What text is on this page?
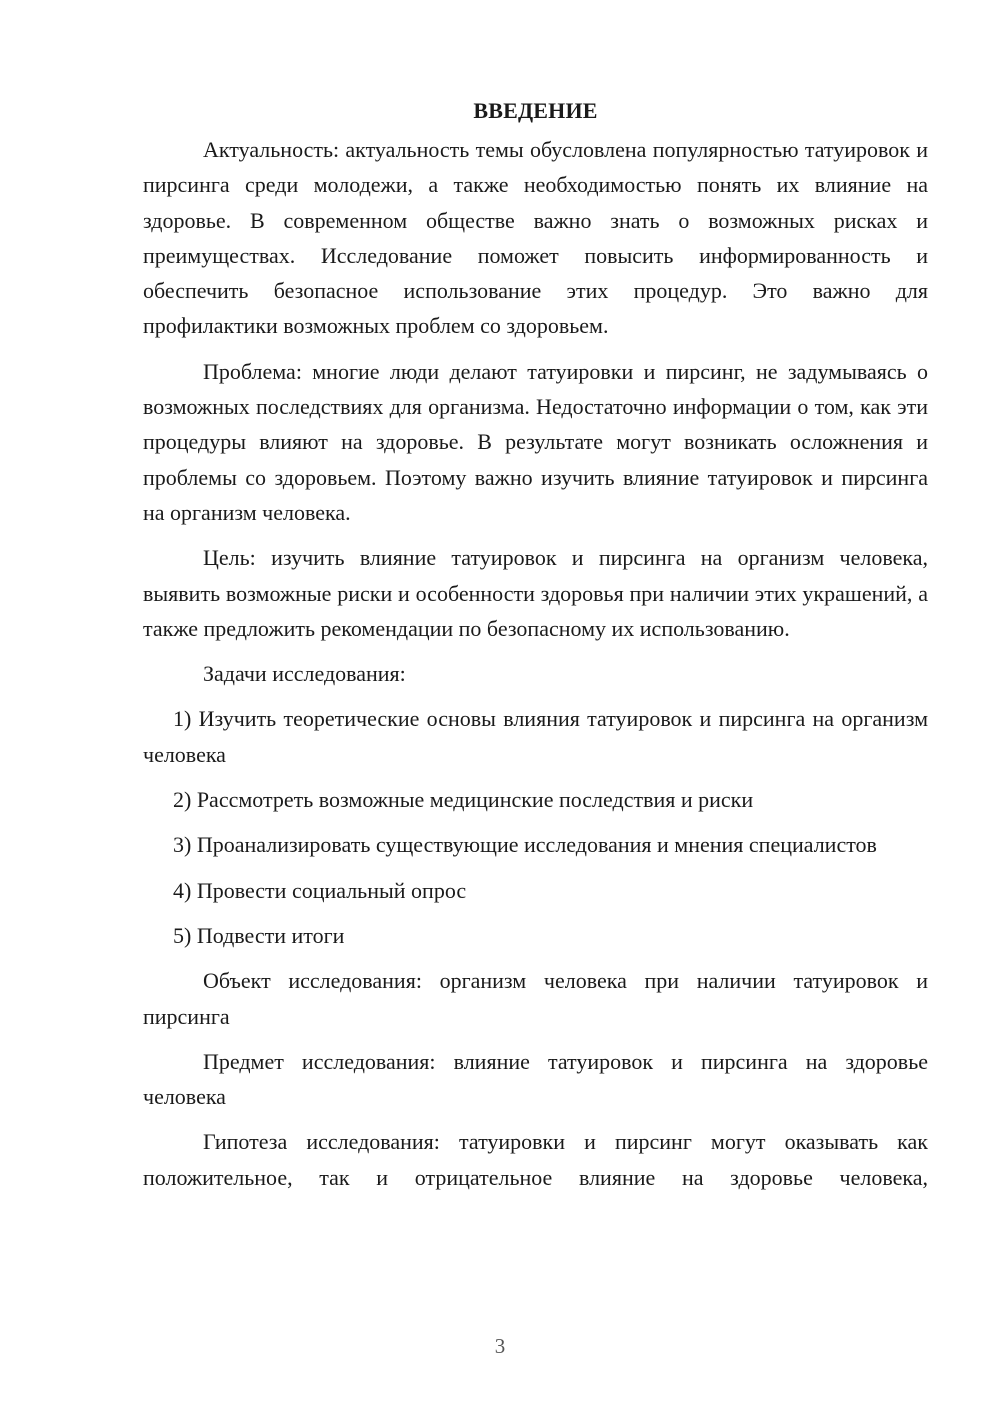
ВВЕДЕНИЕ

Актуальность: актуальность темы обусловлена популярностью татуировок и пирсинга среди молодежи, а также необходимостью понять их влияние на здоровье. В современном обществе важно знать о возможных рисках и преимуществах. Исследование поможет повысить информированность и обеспечить безопасное использование этих процедур. Это важно для профилактики возможных проблем со здоровьем.

Проблема: многие люди делают татуировки и пирсинг, не задумываясь о возможных последствиях для организма. Недостаточно информации о том, как эти процедуры влияют на здоровье. В результате могут возникать осложнения и проблемы со здоровьем. Поэтому важно изучить влияние татуировок и пирсинга на организм человека.

Цель: изучить влияние татуировок и пирсинга на организм человека, выявить возможные риски и особенности здоровья при наличии этих украшений, а также предложить рекомендации по безопасному их использованию.

Задачи исследования:

1) Изучить теоретические основы влияния татуировок и пирсинга на организм человека

2) Рассмотреть возможные медицинские последствия и риски

3) Проанализировать существующие исследования и мнения специалистов

4) Провести социальный опрос

5) Подвести итоги

Объект исследования: организм человека при наличии татуировок и пирсинга

Предмет исследования: влияние татуировок и пирсинга на здоровье человека

Гипотеза исследования: татуировки и пирсинг могут оказывать как положительное, так и отрицательное влияние на здоровье человека,

3
